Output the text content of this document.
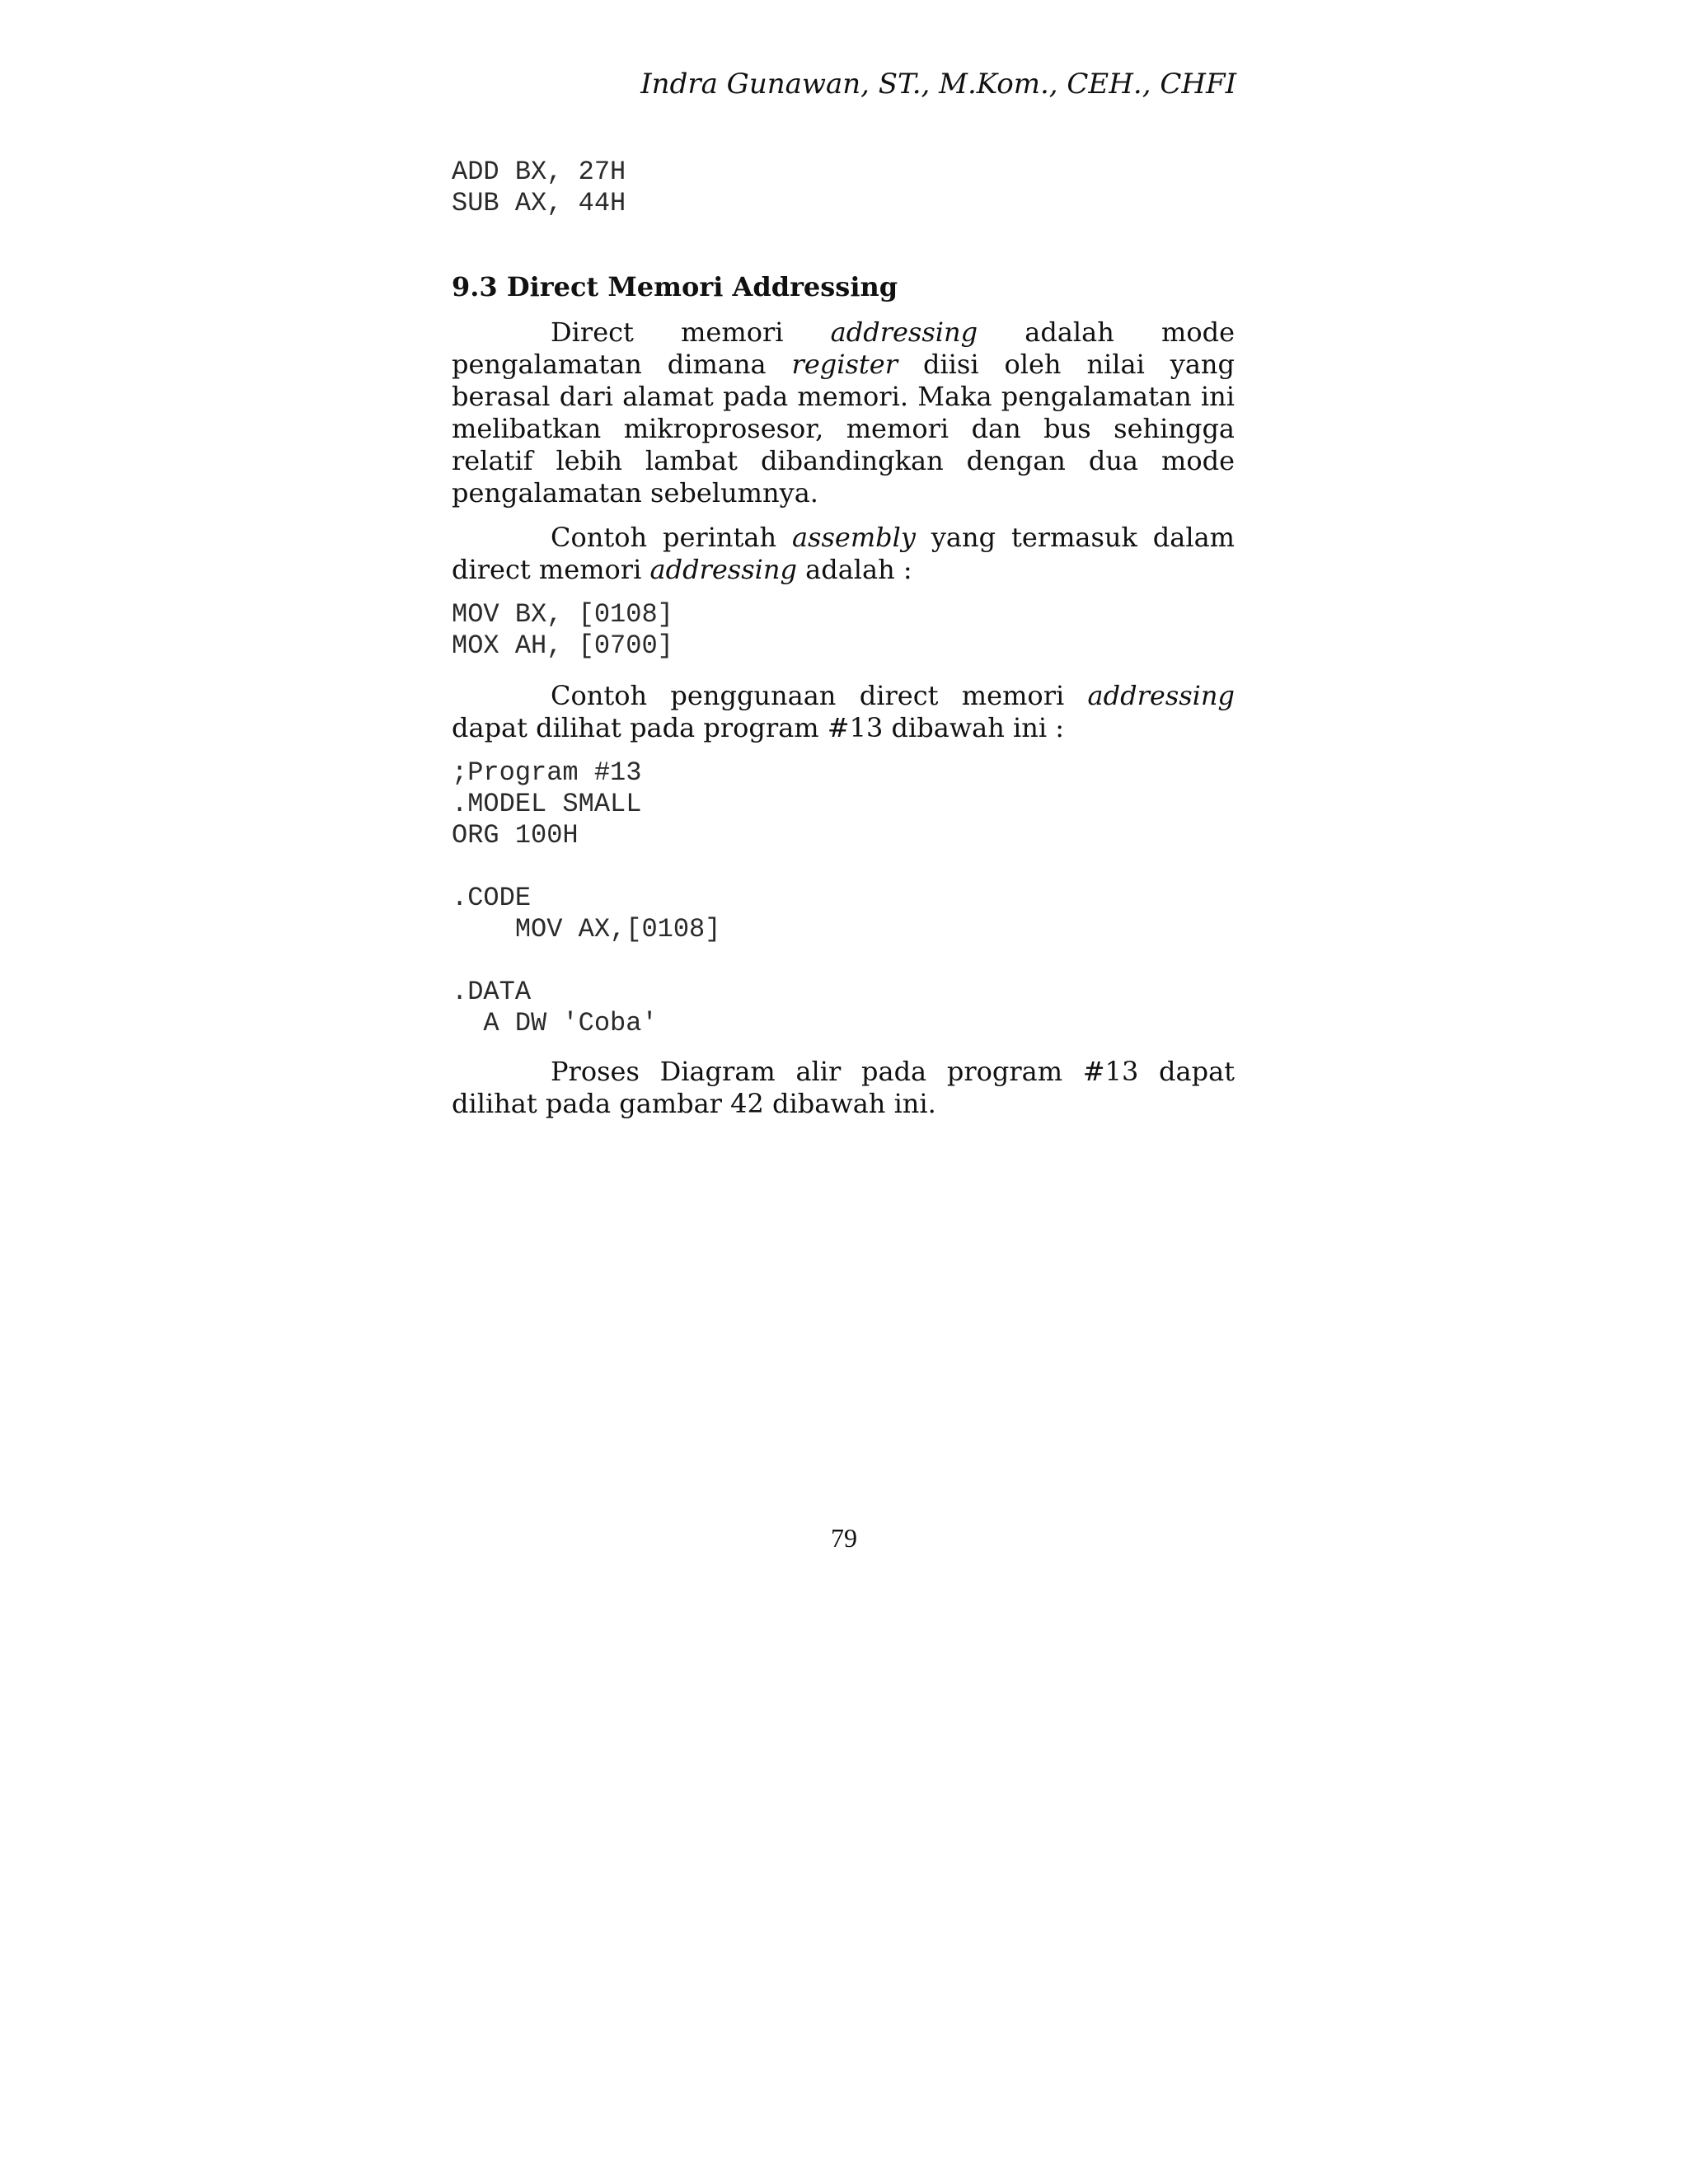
Indra Gunawan, ST., M.Kom., CEH., CHFI
ADD BX, 27H
SUB AX, 44H
9.3 Direct Memori Addressing

Direct memori addressing adalah mode pengalamatan dimana register diisi oleh nilai yang berasal dari alamat pada memori. Maka pengalamatan ini melibatkan mikroprosesor, memori dan bus sehingga relatif lebih lambat dibandingkan dengan dua mode pengalamatan sebelumnya.

Contoh perintah assembly yang termasuk dalam direct memori addressing adalah :

MOV BX, [0108]
MOX AH, [0700]

Contoh penggunaan direct memori addressing dapat dilihat pada program #13 dibawah ini :

;Program #13
.MODEL SMALL
ORG 100H
.CODE
MOV AX,[0108]
.DATA
A DW 'Coba'

Proses Diagram alir pada program #13 dapat dilihat pada gambar 42 dibawah ini.

79
